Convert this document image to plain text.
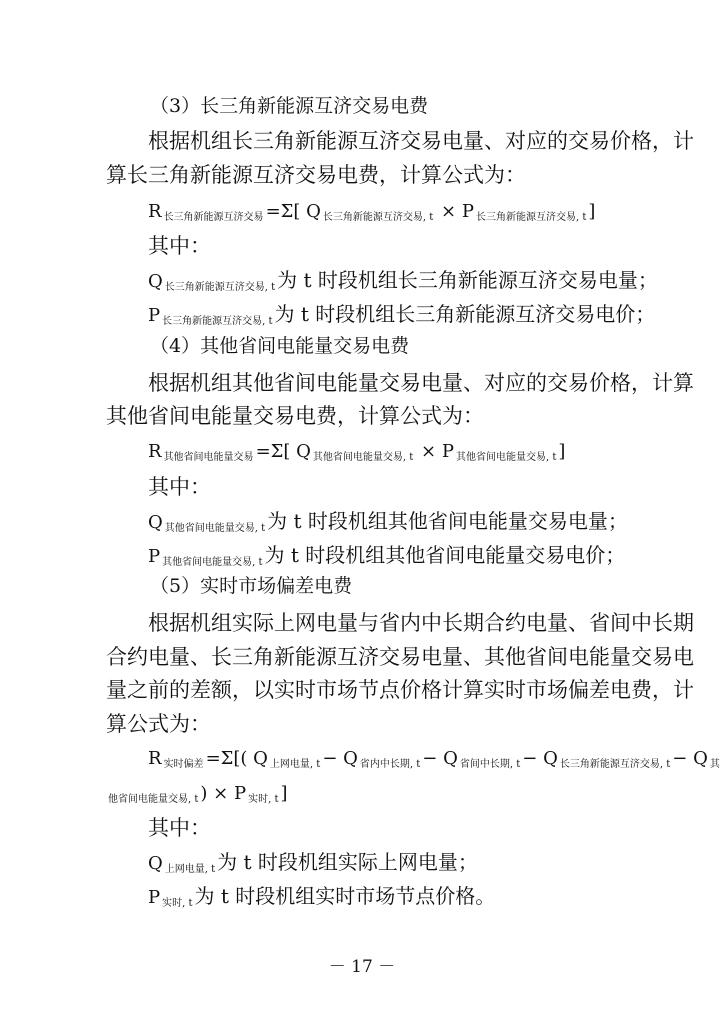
（3）长三角新能源互济交易电费
根据机组长三角新能源互济交易电量、对应的交易价格，计
算长三角新能源互济交易电费，计算公式为：
R $_{长三角新能源互济交易}$ =Σ[ Q $_{长三角新能源互济交易, t}$ × P $_{长三角新能源互济交易, t}$ ]
其中：
Q $_{长三角新能源互济交易, t}$ 为 t 时段机组长三角新能源互济交易电量；
P $_{长三角新能源互济交易, t}$ 为 t 时段机组长三角新能源互济交易电价；
（4）其他省间电能量交易电费
根据机组其他省间电能量交易电量、对应的交易价格，计算
其他省间电能量交易电费，计算公式为：
R $_{其他省间电能量交易}$ =Σ[ Q $_{其他省间电能量交易, t}$ × P $_{其他省间电能量交易, t}$ ]
其中：
Q $_{其他省间电能量交易, t}$ 为 t 时段机组其他省间电能量交易电量；
P $_{其他省间电能量交易, t}$ 为 t 时段机组其他省间电能量交易电价；
（5）实时市场偏差电费
根据机组实际上网电量与省内中长期合约电量、省间中长期
合约电量、长三角新能源互济交易电量、其他省间电能量交易电
量之前的差额，以实时市场节点价格计算实时市场偏差电费，计
算公式为：
R $_{实时偏差}$ =Σ[( Q $_{上网电量, t}$ − Q $_{省内中长期, t}$ − Q $_{省间中长期, t}$ − Q $_{长三角新能源互济交易, t}$ − Q $_其$
$_{他省间电能量交易, t}$ ) × P $_{实时, t}$ ]
其中：
Q $_{上网电量, t}$ 为 t 时段机组实际上网电量；
P $_{实时, t}$ 为 t 时段机组实时市场节点价格。
－ 17 －
